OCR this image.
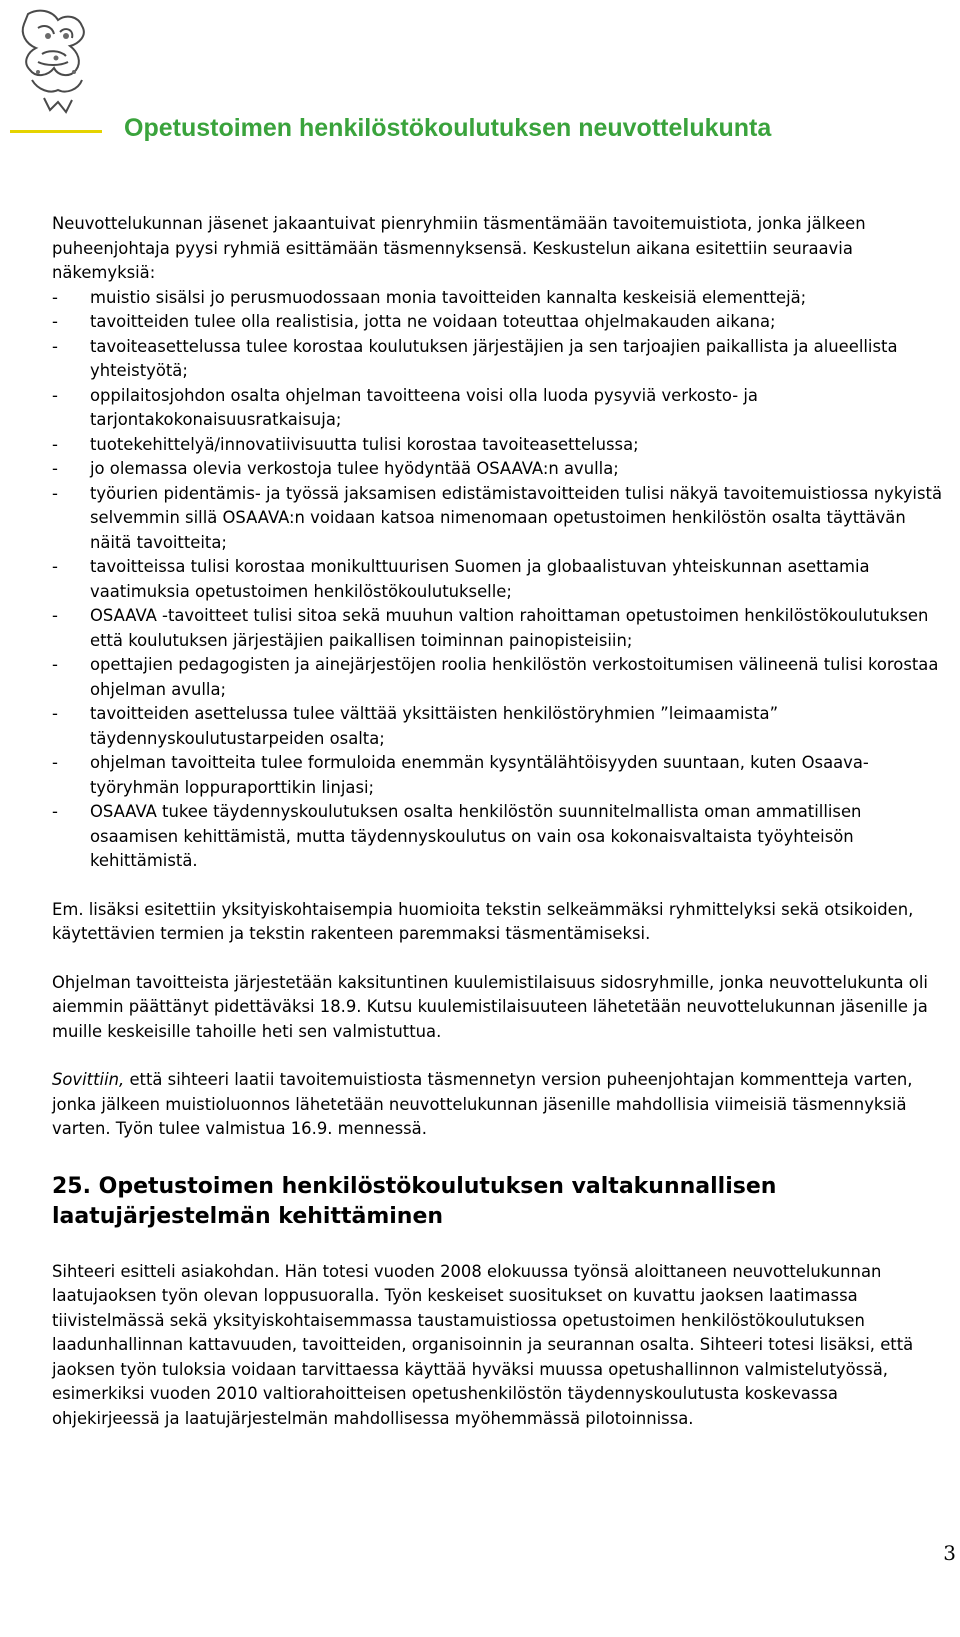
Opetustoimen henkilöstökoulutuksen neuvottelukunta

Neuvottelukunnan jäsenet jakaantuivat pienryhmiin täsmentämään tavoitemuistiota, jonka jälkeen puheenjohtaja pyysi ryhmiä esittämään täsmennyksensä. Keskustelun aikana esitettiin seuraavia näkemyksiä:

- muistio sisälsi jo perusmuodossaan monia tavoitteiden kannalta keskeisiä elementtejä;
- tavoitteiden tulee olla realistisia, jotta ne voidaan toteuttaa ohjelmakauden aikana;
- tavoiteasettelussa tulee korostaa koulutuksen järjestäjien ja sen tarjoajien paikallista ja alueellista yhteistyötä;
- oppilaitosjohdon osalta ohjelman tavoitteena voisi olla luoda pysyviä verkosto- ja tarjontakokonaisuusratkaisuja;
- tuotekehittelyä/innovatiivisuutta tulisi korostaa tavoiteasettelussa;
- jo olemassa olevia verkostoja tulee hyödyntää OSAAVA:n avulla;
- työurien pidentämis- ja työssä jaksamisen edistämistavoitteiden tulisi näkyä tavoitemuistiossa nykyistä selvemmin sillä OSAAVA:n voidaan katsoa nimenomaan opetustoimen henkilöstön osalta täyttävän näitä tavoitteita;
- tavoitteissa tulisi korostaa monikulttuurisen Suomen ja globaalistuvan yhteiskunnan asettamia vaatimuksia opetustoimen henkilöstökoulutukselle;
- OSAAVA -tavoitteet tulisi sitoa sekä muuhun valtion rahoittaman opetustoimen henkilöstökoulutuksen että koulutuksen järjestäjien paikallisen toiminnan painopisteisiin;
- opettajien pedagogisten ja ainejärjestöjen roolia henkilöstön verkostoitumisen välineenä tulisi korostaa ohjelman avulla;
- tavoitteiden asettelussa tulee välttää yksittäisten henkilöstöryhmien ”leimaamista” täydennyskoulutustarpeiden osalta;
- ohjelman tavoitteita tulee formuloida enemmän kysyntälähtöisyyden suuntaan, kuten Osaava-työryhmän loppuraporttikin linjasi;
- OSAAVA tukee täydennyskoulutuksen osalta henkilöstön suunnitelmallista oman ammatillisen osaamisen kehittämistä, mutta täydennyskoulutus on vain osa kokonaisvaltaista työyhteisön kehittämistä.

Em. lisäksi esitettiin yksityiskohtaisempia huomioita tekstin selkeämmäksi ryhmittelyksi sekä otsikoiden, käytettävien termien ja tekstin rakenteen paremmaksi täsmentämiseksi.

Ohjelman tavoitteista järjestetään kaksituntinen kuulemistilaisuus sidosryhmille, jonka neuvottelukunta oli aiemmin päättänyt pidettäväksi 18.9. Kutsu kuulemistilaisuuteen lähetetään neuvottelukunnan jäsenille ja muille keskeisille tahoille heti sen valmistuttua.

Sovittiin, että sihteeri laatii tavoitemuistiosta täsmennetyn version puheenjohtajan kommentteja varten, jonka jälkeen muistioluonnos lähetetään neuvottelukunnan jäsenille mahdollisia viimeisiä täsmennyksiä varten. Työn tulee valmistua 16.9. mennessä.

25. Opetustoimen henkilöstökoulutuksen valtakunnallisen laatujärjestelmän kehittäminen

Sihteeri esitteli asiakohdan. Hän totesi vuoden 2008 elokuussa työnsä aloittaneen neuvottelukunnan laatujaoksen työn olevan loppusuoralla. Työn keskeiset suositukset on kuvattu jaoksen laatimassa tiivistelmässä sekä yksityiskohtaisemmassa taustamuistiossa opetustoimen henkilöstökoulutuksen laadunhallinnan kattavuuden, tavoitteiden, organisoinnin ja seurannan osalta. Sihteeri totesi lisäksi, että jaoksen työn tuloksia voidaan tarvittaessa käyttää hyväksi muussa opetushallinnon valmistelutyössä, esimerkiksi vuoden 2010 valtiorahoitteisen opetushenkilöstön täydennyskoulutusta koskevassa ohjekirjeessä ja laatujärjestelmän mahdollisessa myöhemmässä pilotoinnissa.

3
